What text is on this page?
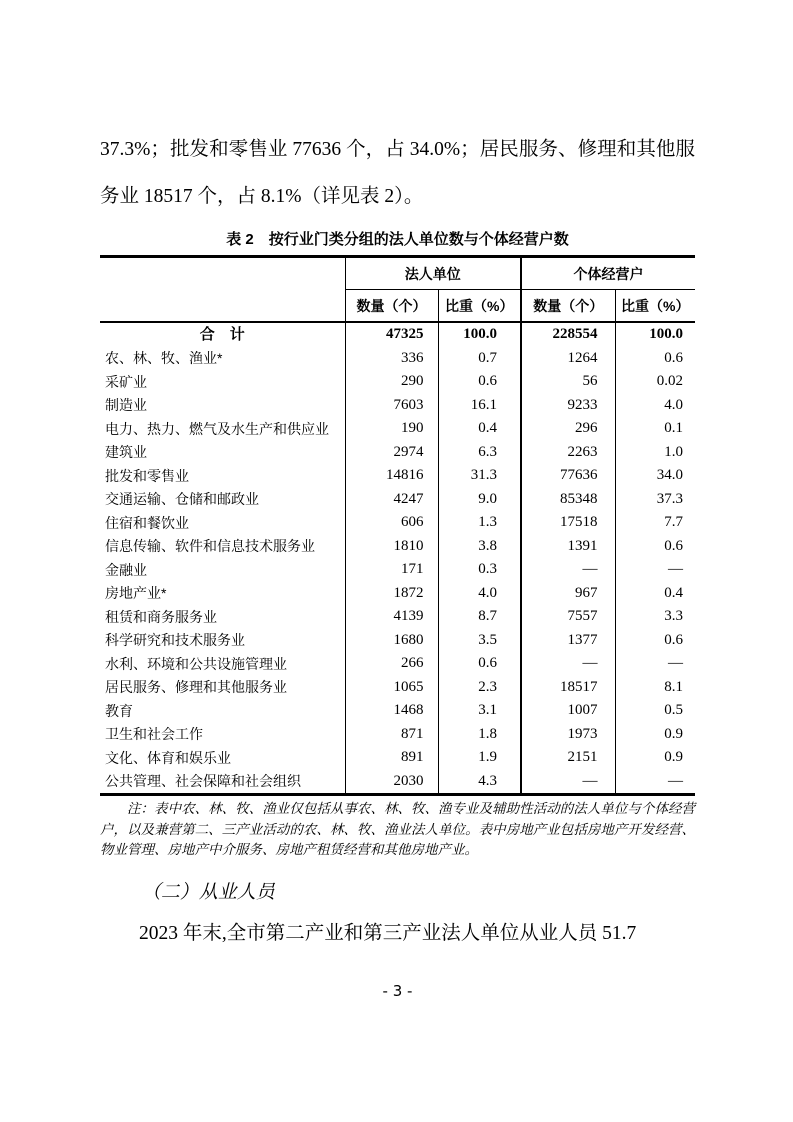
37.3%；批发和零售业 77636 个，占 34.0%；居民服务、修理和其他服务业 18517 个，占 8.1%（详见表 2）。

表 2　按行业门类分组的法人单位数与个体经营户数
	法人单位		个体经营户	
	数量（个）	比重（%）	数量（个）	比重（%）
合　计	47325	100.0	228554	100.0
农、林、牧、渔业*	336	0.7	1264	0.6
采矿业	290	0.6	56	0.02
制造业	7603	16.1	9233	4.0
电力、热力、燃气及水生产和供应业	190	0.4	296	0.1
建筑业	2974	6.3	2263	1.0
批发和零售业	14816	31.3	77636	34.0
交通运输、仓储和邮政业	4247	9.0	85348	37.3
住宿和餐饮业	606	1.3	17518	7.7
信息传输、软件和信息技术服务业	1810	3.8	1391	0.6
金融业	171	0.3	—	—
房地产业*	1872	4.0	967	0.4
租赁和商务服务业	4139	8.7	7557	3.3
科学研究和技术服务业	1680	3.5	1377	0.6
水利、环境和公共设施管理业	266	0.6	—	—
居民服务、修理和其他服务业	1065	2.3	18517	8.1
教育	1468	3.1	1007	0.5
卫生和社会工作	871	1.8	1973	0.9
文化、体育和娱乐业	891	1.9	2151	0.9
公共管理、社会保障和社会组织	2030	4.3	—	—

注：表中农、林、牧、渔业仅包括从事农、林、牧、渔专业及辅助性活动的法人单位与个体经营户，以及兼营第二、三产业活动的农、林、牧、渔业法人单位。表中房地产业包括房地产开发经营、物业管理、房地产中介服务、房地产租赁经营和其他房地产业。

（二）从业人员

2023 年末,全市第二产业和第三产业法人单位从业人员 51.7

- 3 -
